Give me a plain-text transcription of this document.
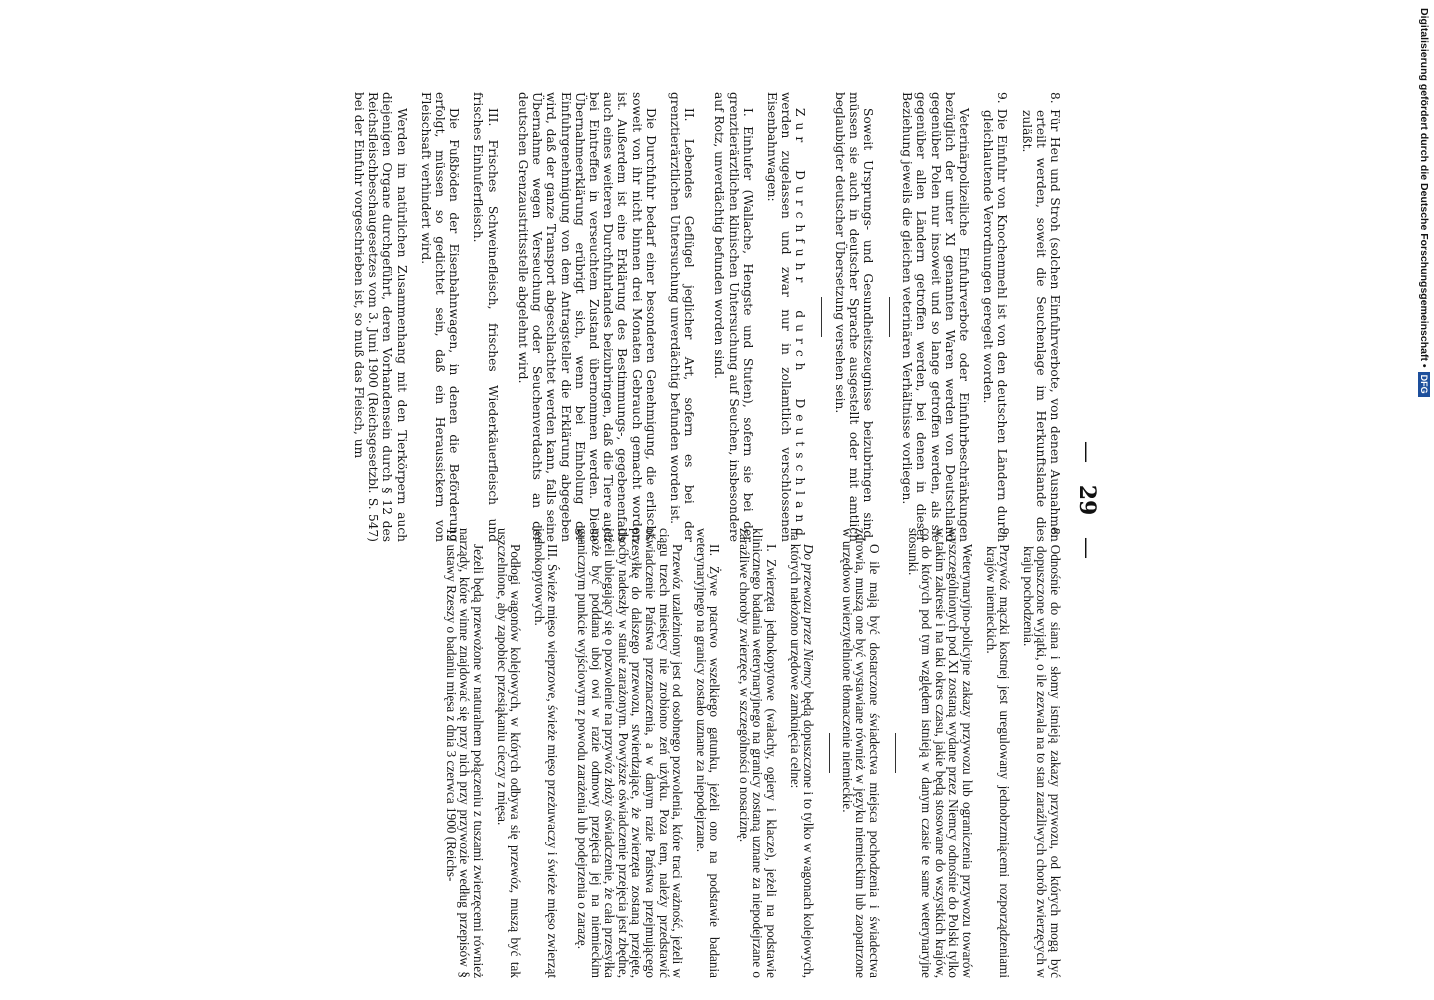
— 29 —

8. Für Heu und Stroh (solchen Einfuhrverbote, von denen Ausnahmen erteilt werden, soweit die Seuchenlage im Herkunftslande dies zuläßt.

9. Die Einfuhr von Knochenmehl ist von den deutschen Ländern durch gleichlautende Verordnungen geregelt worden.

Veterinärpolizeiliche Einfuhrverbote oder Einfuhrbeschränkungen bezüglich der unter XI genannten Waren werden von Deutschland gegenüber Polen nur insoweit und so lange getroffen werden, als sie gegenüber allen Ländern getroffen werden, bei denen in dieser Beziehung jeweils die gleichen veterinären Verhältnisse vorliegen.

Soweit Ursprungs- und Gesundheitszeugnisse beizubringen sind, müssen sie auch in deutscher Sprache ausgestellt oder mit amtlich beglaubigter deutscher Übersetzung versehen sein.

Zur Durchfuhr durch Deutschland werden zugelassen und zwar nur in zollamtlich verschlossenen Eisenbahnwagen:

I. Einhufer (Wallache, Hengste und Stuten), sofern sie bei der grenztierärztlichen klinischen Untersuchung auf Seuchen, insbesondere auf Rotz, unverdächtig befunden worden sind.

II. Lebendes Geflügel jeglicher Art, sofern es bei der grenztierärztlichen Untersuchung unverdächtig befunden worden ist.

Die Durchfuhr bedarf einer besonderen Genehmigung, die erlischt, soweit von ihr nicht binnen drei Monaten Gebrauch gemacht worden ist. Außerdem ist eine Erklärung des Bestimmungs-, gegebenenfalls auch eines weiteren Durchfuhrlandes beizubringen, daß die Tiere auch bei Eintreffen in verseuchtem Zustand übernommen werden. Diese Übernahmeerklärung erübrigt sich, wenn bei Einholung der Einfuhrgenehmigung von dem Antragsteller die Erklärung abgegeben wird, daß der ganze Transport abgeschlachtet werden kann, falls seine Übernahme wegen Verseuchung oder Seuchenverdachts an der deutschen Grenzaustrittsstelle abgelehnt wird.

III. Frisches Schweinefleisch, frisches Wiederkäuerfleisch und frisches Einhuferfleisch.

Die Fußböden der Eisenbahnwagen, in denen die Beförderung erfolgt, müssen so gedichtet sein, daß ein Heraussickern von Fleischsaft verhindert wird.

Werden im natürlichen Zusammenhang mit den Tierkörpern auch diejenigen Organe durchgeführt, deren Vorhandensein durch § 12 des Reichsfleischbeschaugesetzes vom 3. Juni 1900 (Reichsgesetzbl. S. 547) bei der Einfuhr vorgeschrieben ist, so muß das Fleisch, um

8. Odnośnie do siana i słomy istnieją zakazy przywozu, od których mogą być dopuszczone wyjątki, o ile zezwala na to stan zaraźliwych chorób zwierzęcych w kraju pochodzenia.

9. Przywóz mączki kostnej jest uregulowany jednobrzmiącemi rozporządzeniami krajów niemieckich.

Weterynaryjno-policyjne zakazy przywozu lub ograniczenia przywozu towarów wyszczególnionych pod XI zostaną wydane przez Niemcy odnośnie do Polski tylko w takim zakresie i na taki okres czasu, jakie będą stosowane do wszystkich krajów, co do których pod tym względem istnieją w danym czasie te same weterynaryjne stosunki.

O ile mają być dostarczone świadectwa miejsca pochodzenia i świadectwa zdrowia, muszą one być wystawiane również w języku niemieckim lub zaopatrzone w urzędowo uwierzytelnione tłomaczenie niemieckie.

Do przewozu przez Niemcy będą dopuszczone i to tylko w wagonach kolejowych, na których nałożono urzędowe zamknięcia celne:

I. Zwierzęta jednokopytowe (wałachy, ogiery i klacze), jeżeli na podstawie klinicznego badania weterynaryjnego na granicy zostaną uznane za niepodejrzane o zaraźliwe choroby zwierzęce, w szczególności o nosaciznę.

II. Żywe ptactwo wszelkiego gatunku, jeżeli ono na podstawie badania weterynaryjnego na granicy zostało uznane za niepodejrzane.

Przewóz uzależniony jest od osobnego pozwolenia, które traci ważność, jeżeli w ciągu trzech miesięcy nie zrobiono zeń użytku. Poza tem, należy przedstawić oświadczenie Państwa przeznaczenia, a w danym razie Państwa przejmującego przesyłkę do dalszego przewozu, stwierdzające, że zwierzęta zostaną przejęte, choćby nadeszły w stanie zarażonym. Powyższe oświadczenie przejęcia jest zbędne, jeżeli ubiegający się o pozwolenie na przywóz złoży oświadczenie, że cała przesyłka może być poddana uboj owi w razie odmowy przejęcia jej na niemieckim granicznym punkcie wyjściowym z powodu zarażenia lub podejrzenia o zarazę.

III. Świeże mięso wieprzowe, świeże mięso przeżuwaczy i świeże mięso zwierząt jednokopytowych.

Podłogi wagonów kolejowych, w których odbywa się przewóz, muszą być tak uszczelnione, aby zapobiec przesiąkaniu cieczy z mięsa.

Jeżeli będą przewożone w naturalnem połączeniu z tuszami zwierzęcemi również narządy, które winne znajdować się przy nich przy przywozie według przepisów § 12 ustawy Rzeszy o badaniu mięsa z dnia 3 czerwca 1900 (Reichs-

Digitalisierung gefördert durch die Deutsche Forschungsgemeinschaft •
DFG
